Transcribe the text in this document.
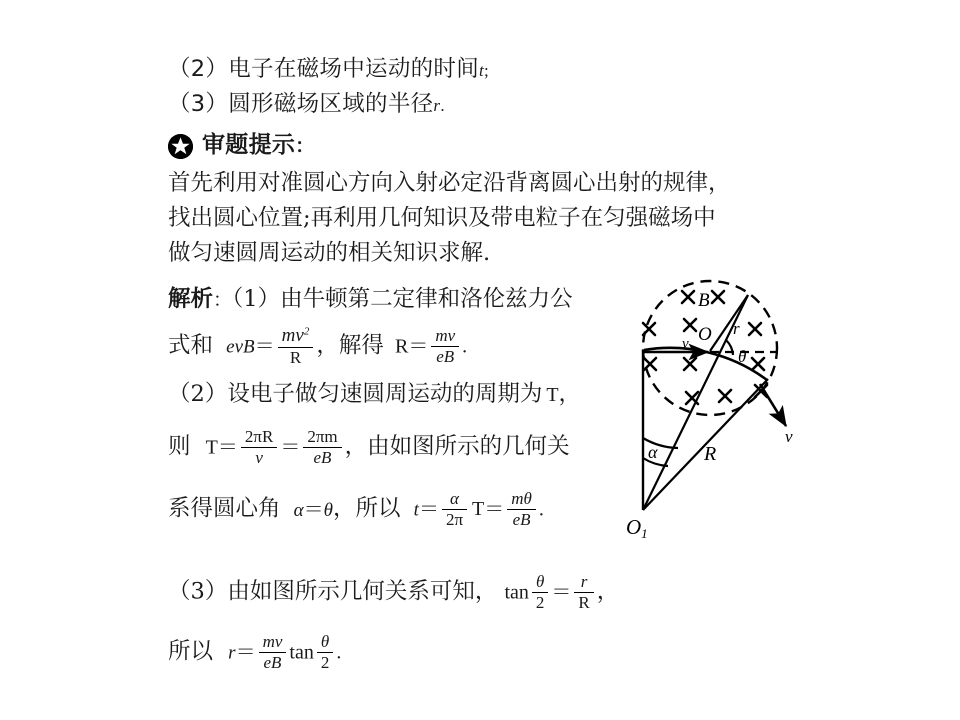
（2）电子在磁场中运动的时间t;
（3）圆形磁场区域的半径r.
审题提示：
首先利用对准圆心方向入射必定沿背离圆心出射的规律，
找出圆心位置;再利用几何知识及带电粒子在匀强磁场中
做匀速圆周运动的相关知识求解.
解析：（1）由牛顿第二定律和洛伦兹力公
式和 $evB= \frac{mv^2}{R}$ ，解得 $R= \frac{mv}{eB}$ .
（2）设电子做匀速圆周运动的周期为 T，
则 $T= \frac{2\pi R}{v} = \frac{2\pi m}{eB}$ ，由如图所示的几何关
系得圆心角 α＝θ，所以 $t= \frac{\alpha}{2\pi} T= \frac{m\theta}{eB}$ .
（3）由如图所示几何关系可知， $\tan \frac{\theta}{2} = \frac{r}{R}$ ，
所以 $r= \frac{mv}{eB}$ $\tan \frac{\theta}{2}$ .
B
O
v
r
θ
v
R
α
O1
